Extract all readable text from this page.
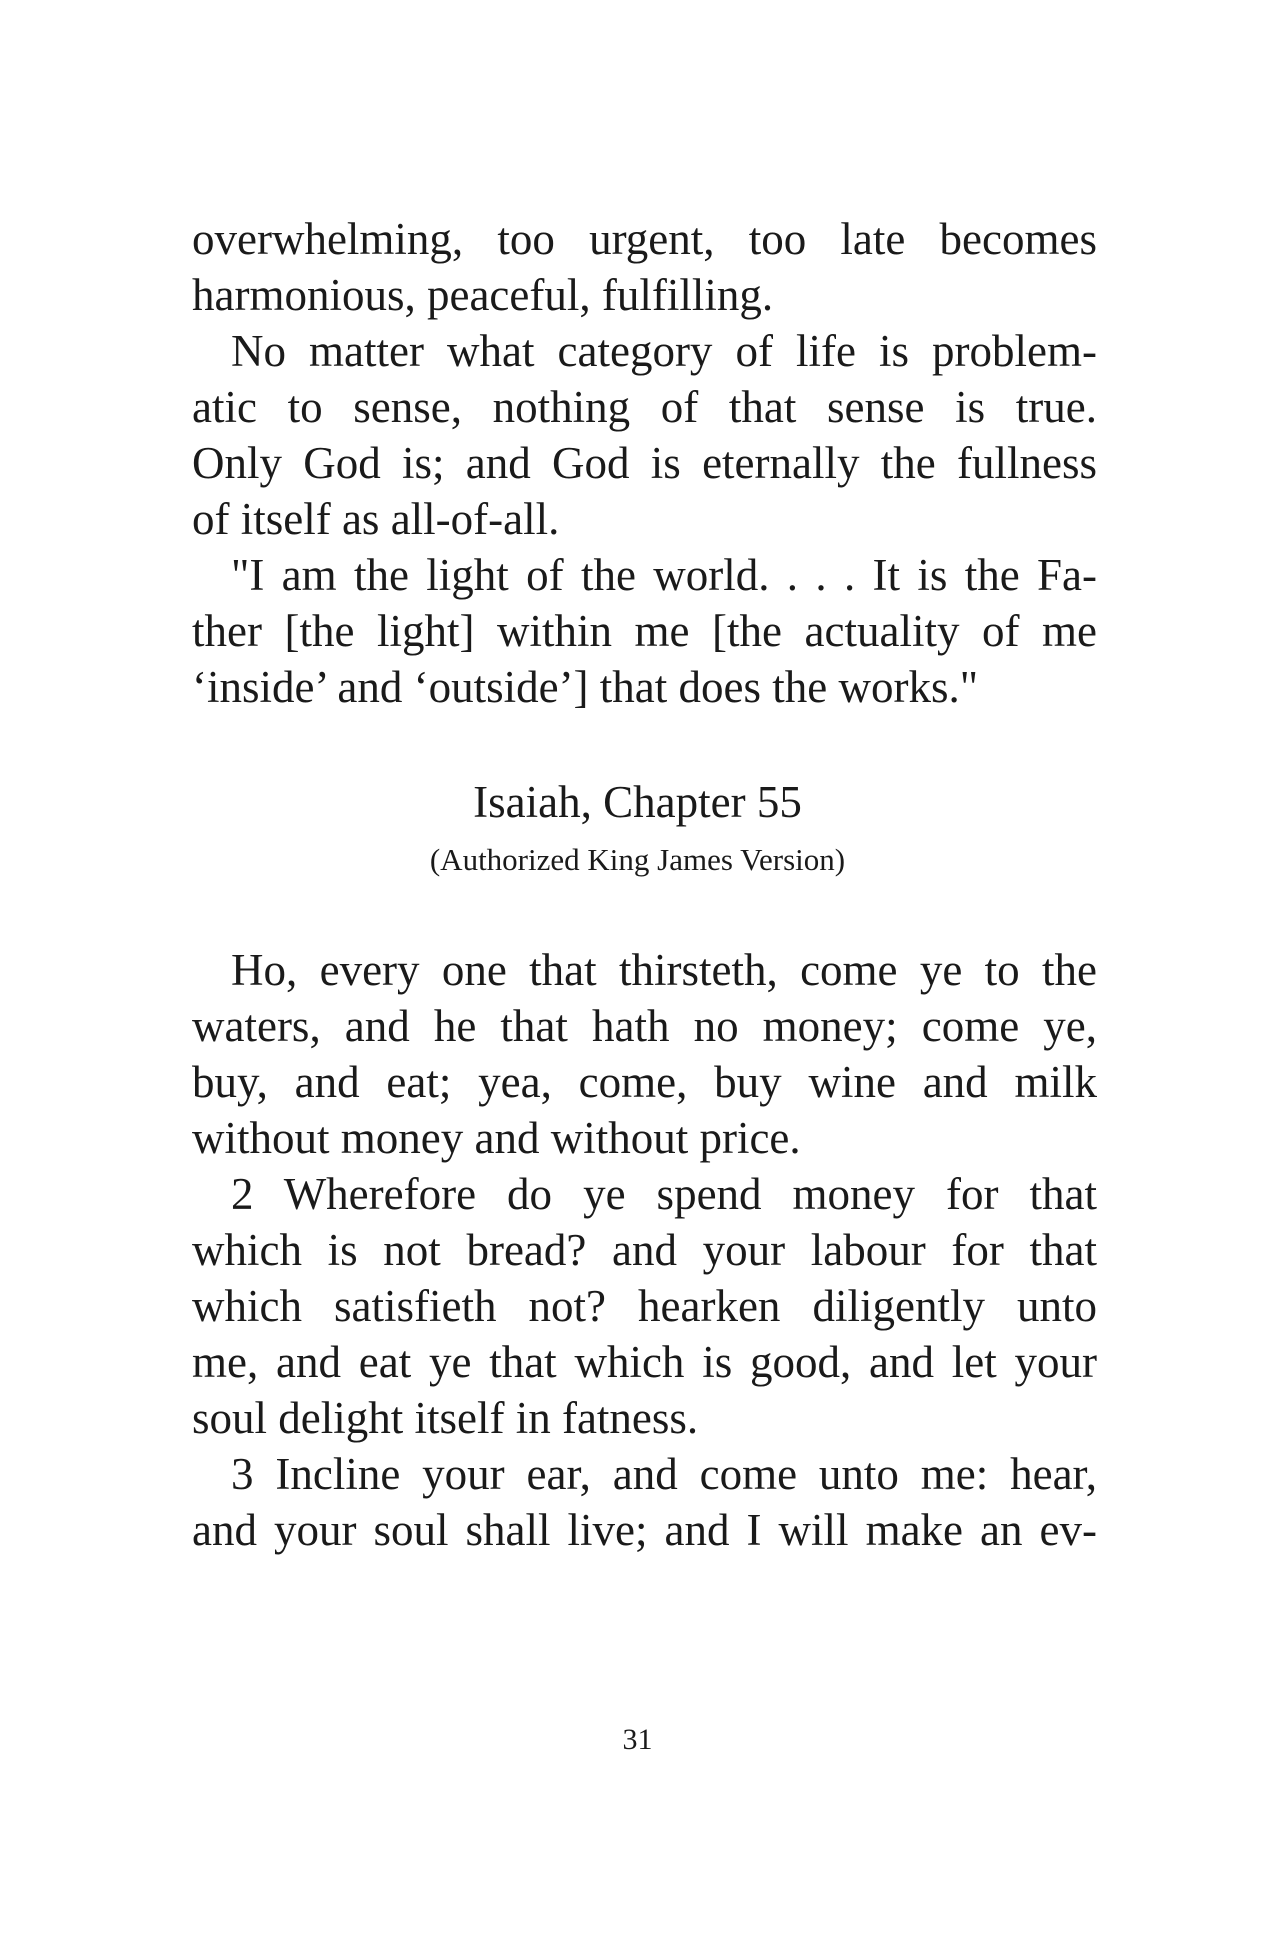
overwhelming, too urgent, too late becomes
harmonious, peaceful, fulfilling.
No matter what category of life is problem-
atic to sense, nothing of that sense is true.
Only God is; and God is eternally the fullness
of itself as all-of-all.
"I am the light of the world. . . . It is the Fa-
ther [the light] within me [the actuality of me
‘inside’ and ‘outside’] that does the works."
Isaiah, Chapter 55
(Authorized King James Version)
Ho, every one that thirsteth, come ye to the
waters, and he that hath no money; come ye,
buy, and eat; yea, come, buy wine and milk
without money and without price.
2 Wherefore do ye spend money for that
which is not bread? and your labour for that
which satisfieth not? hearken diligently unto
me, and eat ye that which is good, and let your
soul delight itself in fatness.
3 Incline your ear, and come unto me: hear,
and your soul shall live; and I will make an ev-
31
